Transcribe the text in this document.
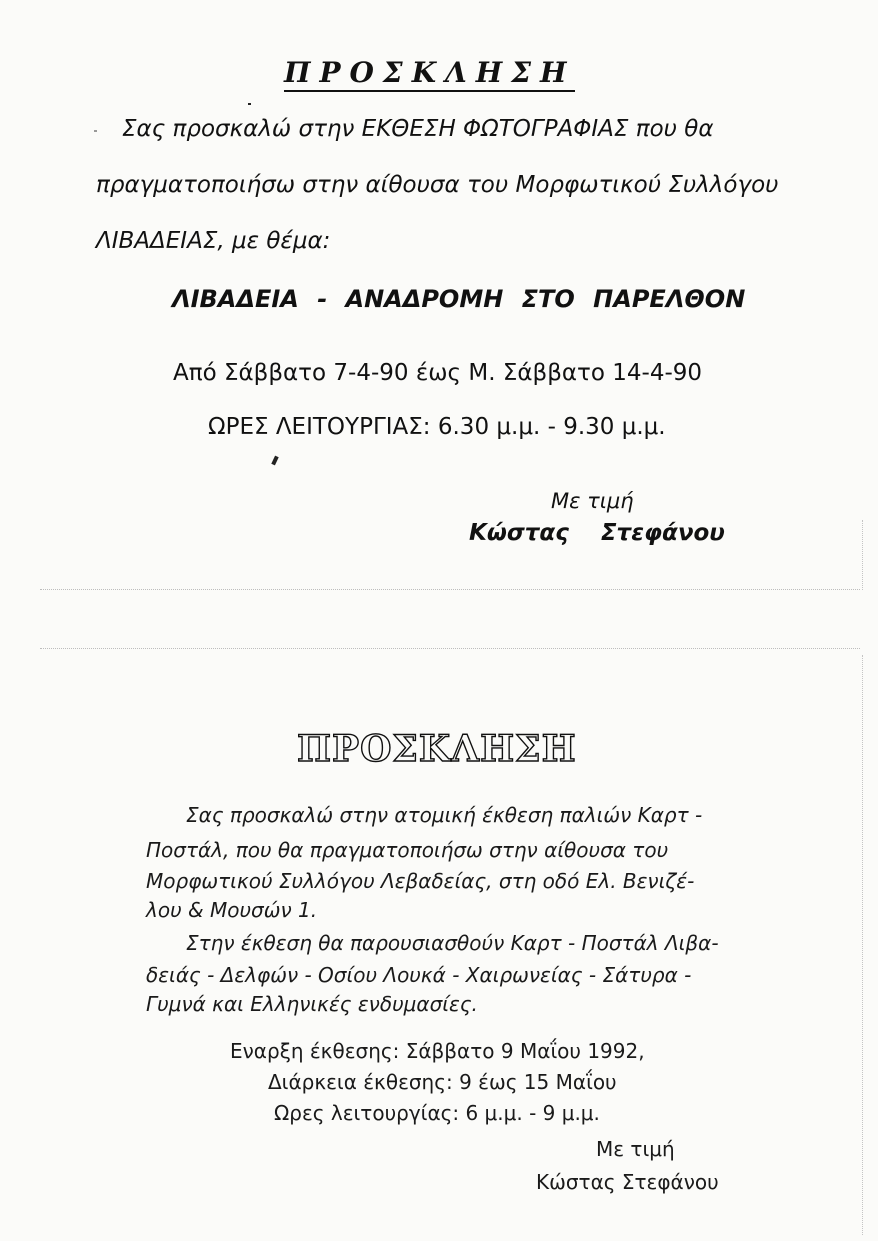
ΠΡΟΣΚΛΗΣΗ
Σας προσκαλώ στην ΕΚΘΕΣΗ ΦΩΤΟΓΡΑΦΙΑΣ που θα
πραγματοποιήσω στην αίθουσα του Μορφωτικού Συλλόγου
ΛΙΒΑΔΕΙΑΣ, με θέμα:
ΛΙΒΑΔΕΙΑ - ΑΝΑΔΡΟΜΗ ΣΤΟ ΠΑΡΕΛΘΟΝ
Από Σάββατο 7-4-90 έως Μ. Σάββατο 14-4-90
ΩΡΕΣ ΛΕΙΤΟΥΡΓΙΑΣ: 6.30 μ.μ. - 9.30 μ.μ.
Με τιμή
Κώστας Στεφάνου
ΠΡΟΣΚΛΗΣΗ
Σας προσκαλώ στην ατομική έκθεση παλιών Καρτ -
Ποστάλ, που θα πραγματοποιήσω στην αίθουσα του
Μορφωτικού Συλλόγου Λεβαδείας, στη οδό Ελ. Βενιζέ-
λου & Μουσών 1.
Στην έκθεση θα παρουσιασθούν Καρτ - Ποστάλ Λιβα-
δειάς - Δελφών - Οσίου Λουκά - Χαιρωνείας - Σάτυρα -
Γυμνά και Ελληνικές ενδυμασίες.
Εναρξη έκθεσης: Σάββατο 9 Μαΐου 1992,
Διάρκεια έκθεσης: 9 έως 15 Μαΐου
Ωρες λειτουργίας: 6 μ.μ. - 9 μ.μ.
Με τιμή
Κώστας Στεφάνου
